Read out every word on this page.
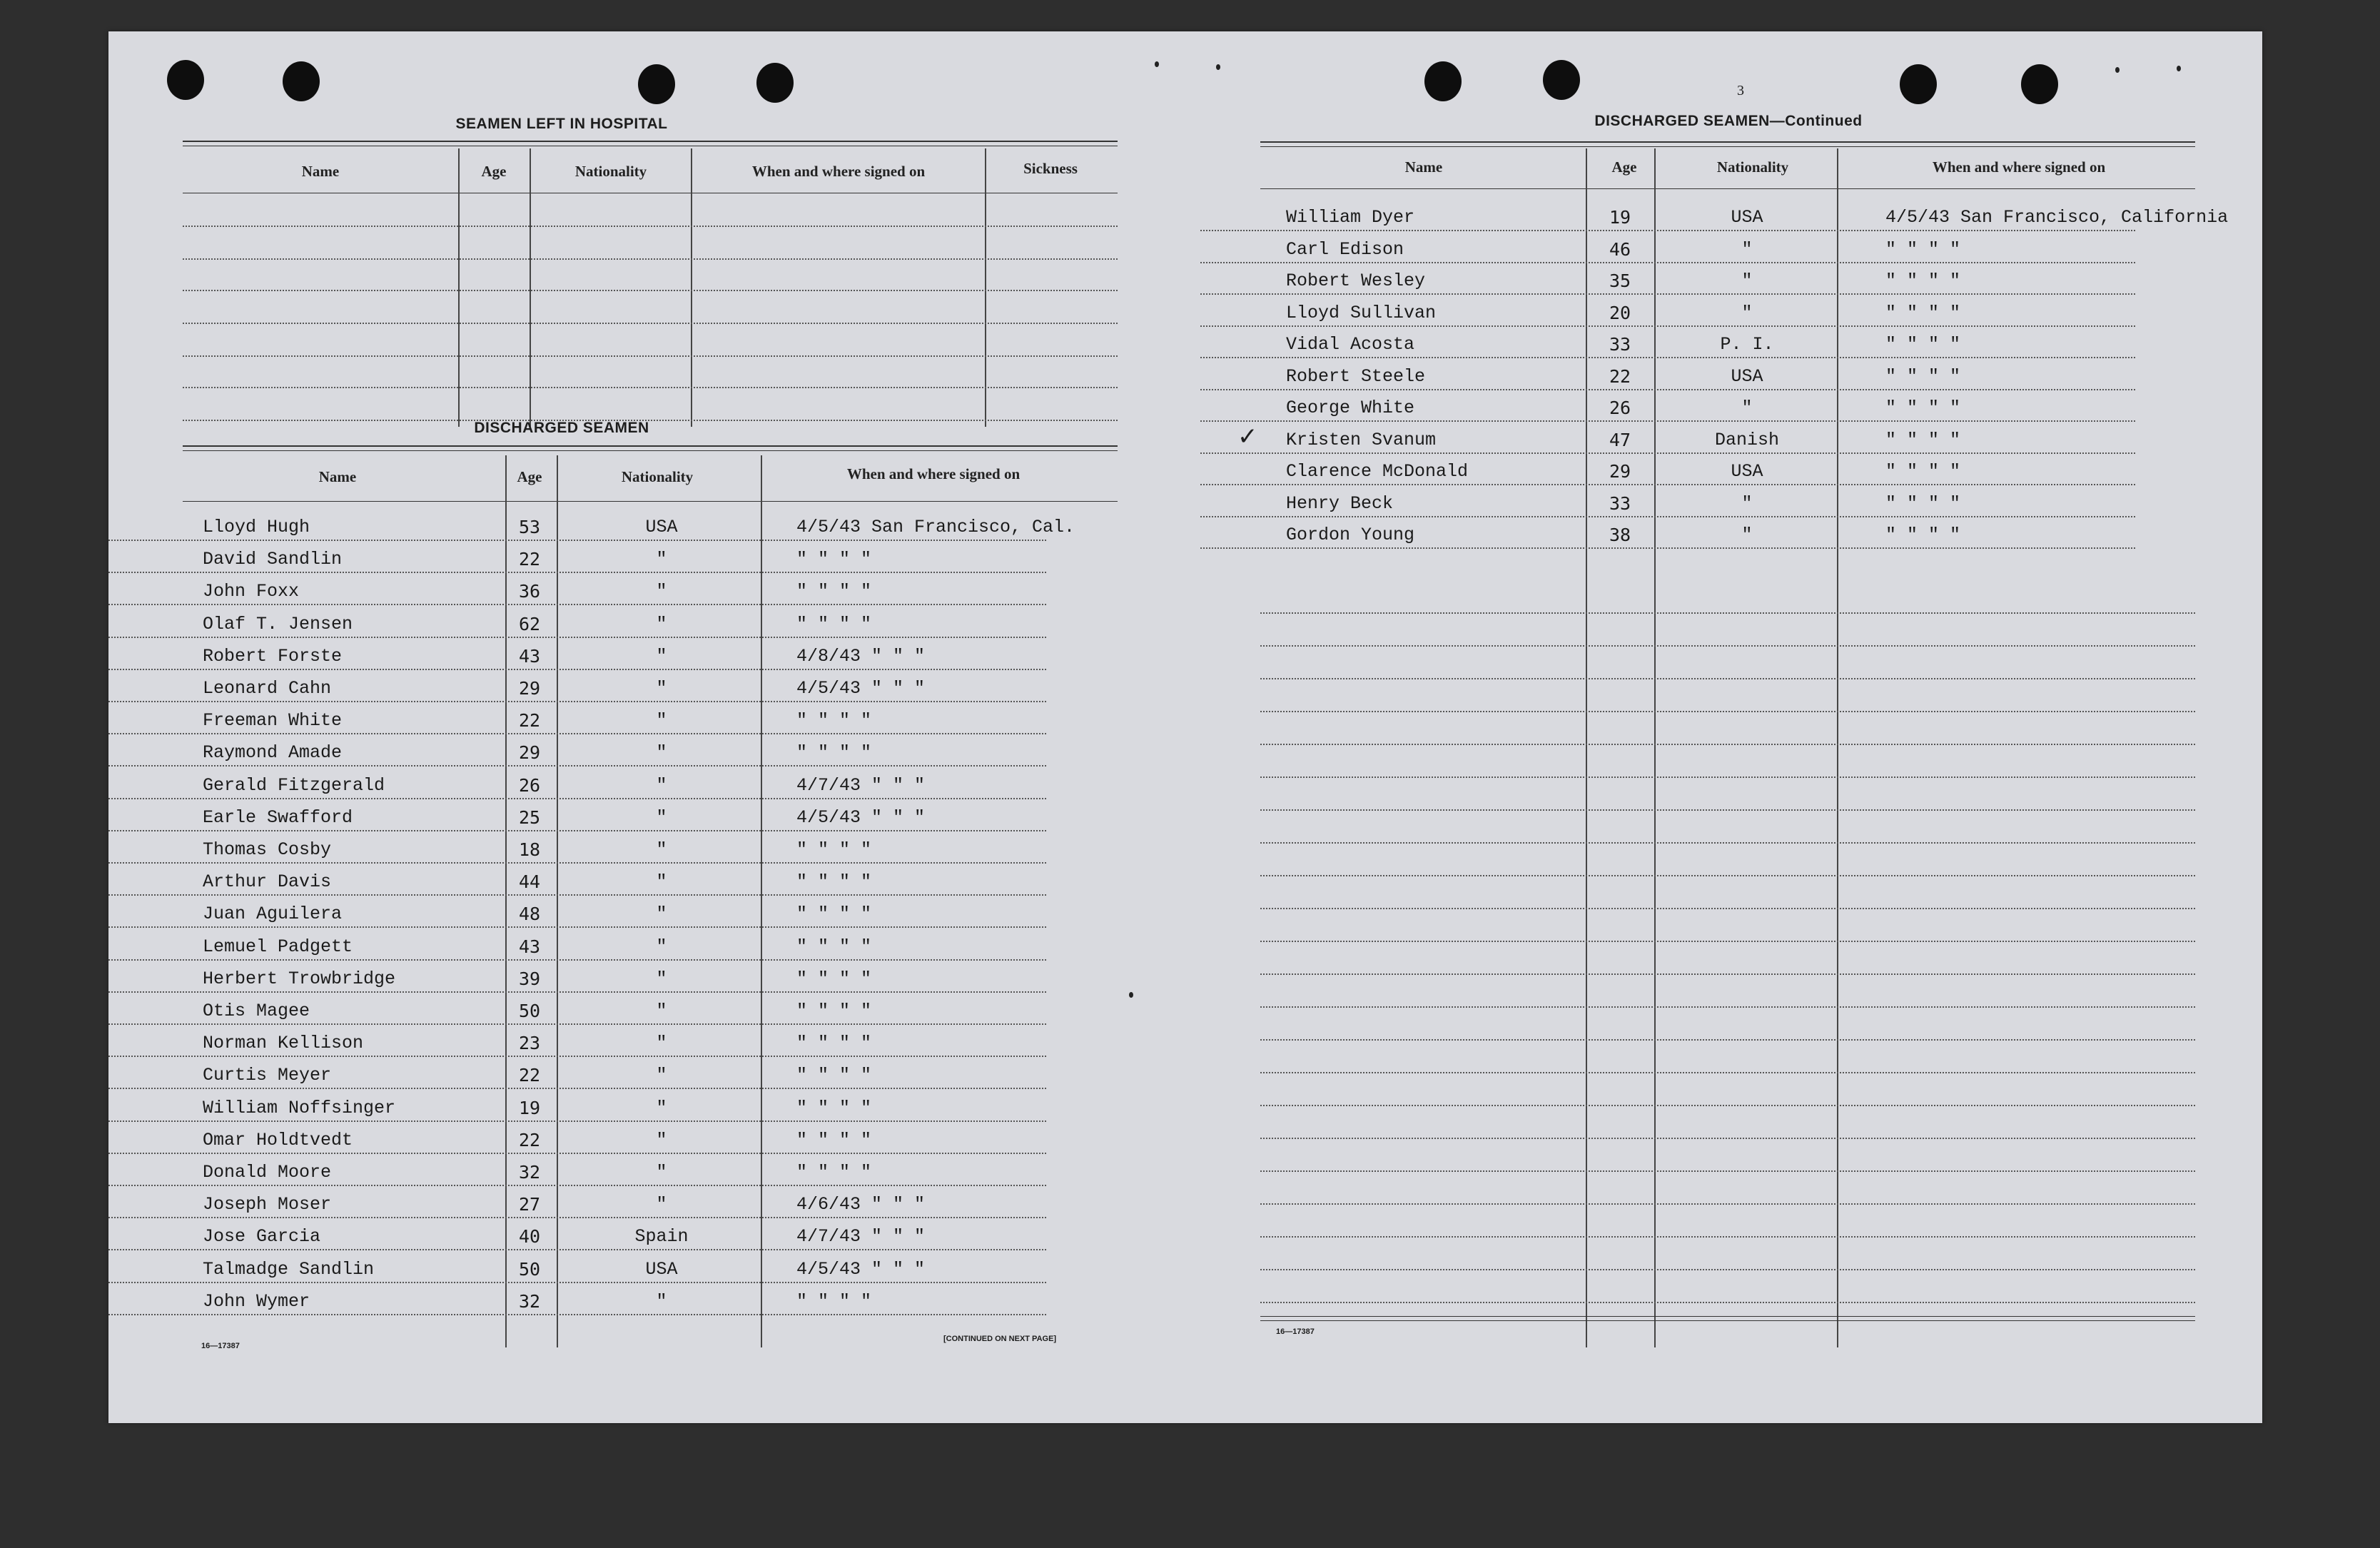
SEAMEN LEFT IN HOSPITAL
Name	Age	Nationality	When and where signed on	Sickness
DISCHARGED SEAMEN
Name	Age	Nationality	When and where signed on
Lloyd Hugh	53	USA	4/5/43 San Francisco, Cal.
David Sandlin	22	"	" " " "
John Foxx	36	"	" " " "
Olaf T. Jensen	62	"	" " " "
Robert Forste	43	"	4/8/43 " " "
Leonard Cahn	29	"	4/5/43 " " "
Freeman White	22	"	" " " "
Raymond Amade	29	"	" " " "
Gerald Fitzgerald	26	"	4/7/43 " " "
Earle Swafford	25	"	4/5/43 " " "
Thomas Cosby	18	"	" " " "
Arthur Davis	44	"	" " " "
Juan Aguilera	48	"	" " " "
Lemuel Padgett	43	"	" " " "
Herbert Trowbridge	39	"	" " " "
Otis Magee	50	"	" " " "
Norman Kellison	23	"	" " " "
Curtis Meyer	22	"	" " " "
William Noffsinger	19	"	" " " "
Omar Holdtvedt	22	"	" " " "
Donald Moore	32	"	" " " "
Joseph Moser	27	"	4/6/43 " " "
Jose Garcia	40	Spain	4/7/43 " " "
Talmadge Sandlin	50	USA	4/5/43 " " "
John Wymer	32	"	" " " "
16—17387
[CONTINUED ON NEXT PAGE]
3
DISCHARGED SEAMEN—Continued
Name	Age	Nationality	When and where signed on
William Dyer	19	USA	4/5/43 San Francisco, California
Carl Edison	46	"	" " " "
Robert Wesley	35	"	" " " "
Lloyd Sullivan	20	"	" " " "
Vidal Acosta	33	P. I.	" " " "
Robert Steele	22	USA	" " " "
George White	26	"	" " " "
Kristen Svanum	47	Danish	" " " "
✓
Clarence McDonald	29	USA	" " " "
Henry Beck	33	"	" " " "
Gordon Young	38	"	" " " "
16—17387
